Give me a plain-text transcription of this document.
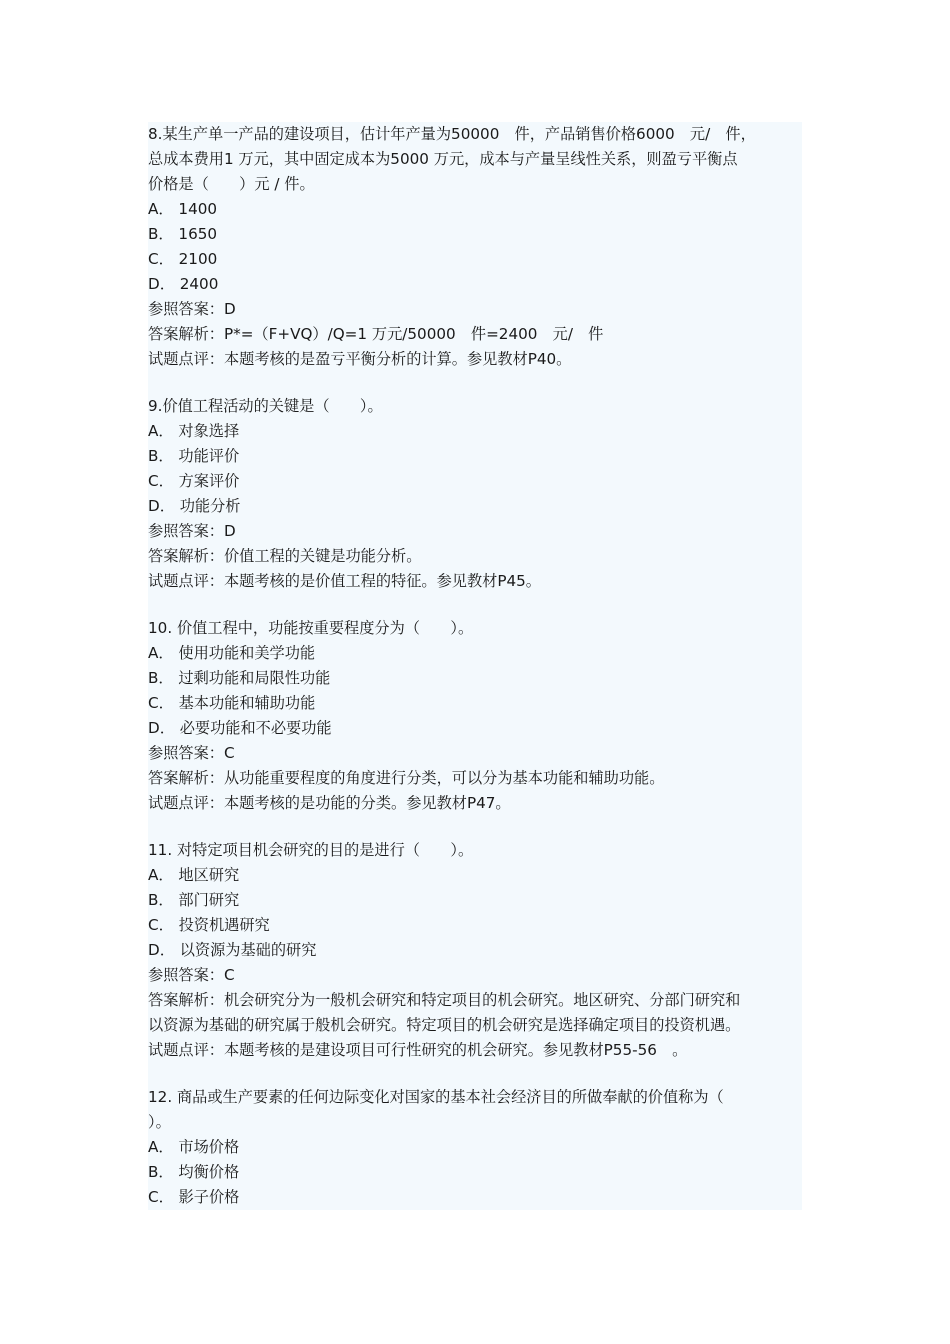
8.某生产单一产品的建设项目，估计年产量为50000　件，产品销售价格6000　元/　件，
总成本费用1 万元，其中固定成本为5000 万元，成本与产量呈线性关系，则盈亏平衡点
价格是（　　）元 / 件。
A． 1400
B． 1650
C． 2100
D． 2400
参照答案：D
答案解析：P*=（F+VQ）/Q=1 万元/50000　件=2400　元/　件
试题点评：本题考核的是盈亏平衡分析的计算。参见教材P40。
9.价值工程活动的关键是（　　）。
A． 对象选择
B． 功能评价
C． 方案评价
D． 功能分析
参照答案：D
答案解析：价值工程的关键是功能分析。
试题点评：本题考核的是价值工程的特征。参见教材P45。
10. 价值工程中，功能按重要程度分为（　　）。
A． 使用功能和美学功能
B． 过剩功能和局限性功能
C． 基本功能和辅助功能
D． 必要功能和不必要功能
参照答案：C
答案解析：从功能重要程度的角度进行分类，可以分为基本功能和辅助功能。
试题点评：本题考核的是功能的分类。参见教材P47。
11. 对特定项目机会研究的目的是进行（　　）。
A． 地区研究
B． 部门研究
C． 投资机遇研究
D． 以资源为基础的研究
参照答案：C
答案解析：机会研究分为一般机会研究和特定项目的机会研究。地区研究、分部门研究和
以资源为基础的研究属于般机会研究。特定项目的机会研究是选择确定项目的投资机遇。
试题点评：本题考核的是建设项目可行性研究的机会研究。参见教材P55-56　。
12. 商品或生产要素的任何边际变化对国家的基本社会经济目的所做奉献的价值称为（
）。
A． 市场价格
B． 均衡价格
C． 影子价格
